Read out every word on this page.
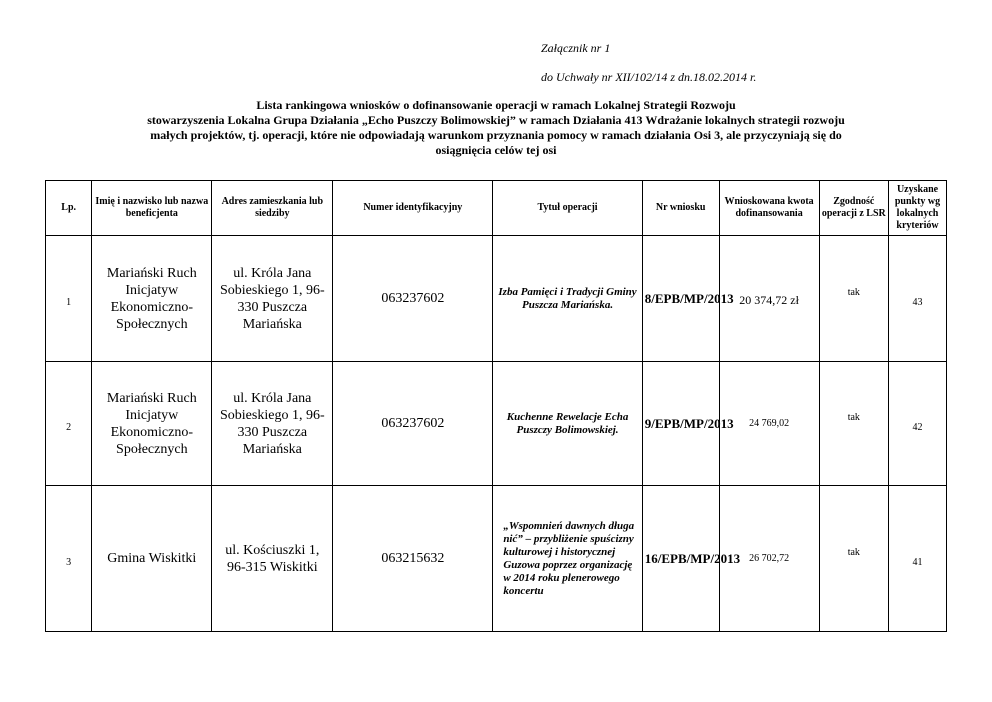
Załącznik nr 1
do Uchwały nr XII/102/14 z dn.18.02.2014 r.
Lista rankingowa wniosków o dofinansowanie operacji w ramach Lokalnej Strategii Rozwoju
stowarzyszenia Lokalna Grupa Działania „Echo Puszczy Bolimowskiej” w ramach Działania 413 Wdrażanie lokalnych strategii rozwoju
małych projektów, tj. operacji, które nie odpowiadają warunkom przyznania pomocy w ramach działania Osi 3, ale przyczyniają się do
osiągnięcia celów tej osi
Lp.	Imię i nazwisko lub nazwa beneficjenta	Adres zamieszkania lub siedziby	Numer identyfikacyjny	Tytuł operacji	Nr wniosku	Wnioskowana kwota dofinansowania	Zgodność operacji z LSR	Uzyskane punkty wg lokalnych kryteriów
1	Mariański Ruch Inicjatyw Ekonomiczno-Społecznych	ul. Króla Jana Sobieskiego 1, 96-330 Puszcza Mariańska	063237602	Izba Pamięci i Tradycji Gminy Puszcza Mariańska.	8/EPB/MP/2013	20 374,72 zł	tak	43
2	Mariański Ruch Inicjatyw Ekonomiczno-Społecznych	ul. Króla Jana Sobieskiego 1, 96-330 Puszcza Mariańska	063237602	Kuchenne Rewelacje Echa Puszczy Bolimowskiej.	9/EPB/MP/2013	24 769,02	tak	42
3	Gmina Wiskitki	ul. Kościuszki 1, 96-315 Wiskitki	063215632	„Wspomnień dawnych długa nić” – przybliżenie spuścizny kulturowej i historycznej Guzowa poprzez organizację w 2014 roku plenerowego koncertu	16/EPB/MP/2013	26 702,72	tak	41
